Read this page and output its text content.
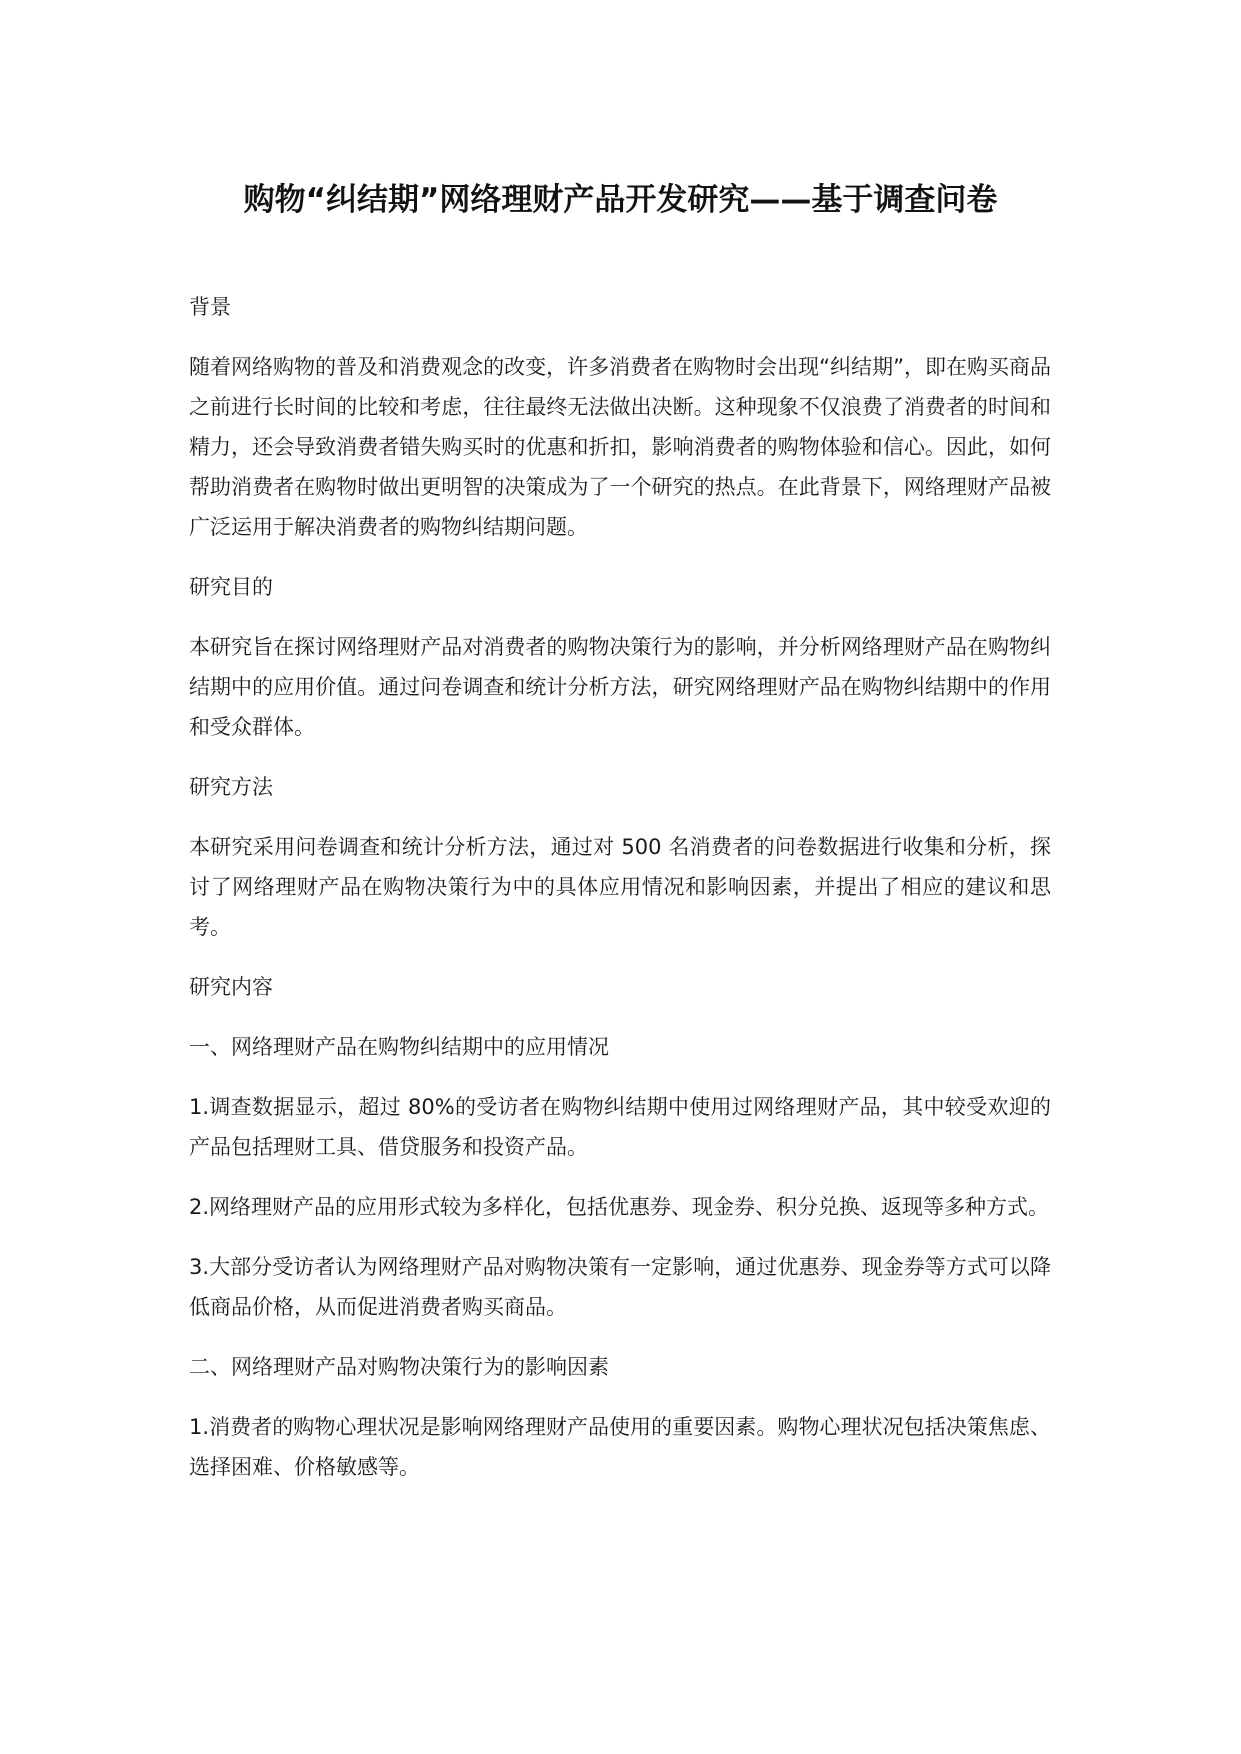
购物“纠结期”网络理财产品开发研究——基于调查问卷

背景

随着网络购物的普及和消费观念的改变，许多消费者在购物时会出现“纠结期”，即在购买商品之前进行长时间的比较和考虑，往往最终无法做出决断。这种现象不仅浪费了消费者的时间和精力，还会导致消费者错失购买时的优惠和折扣，影响消费者的购物体验和信心。因此，如何帮助消费者在购物时做出更明智的决策成为了一个研究的热点。在此背景下，网络理财产品被广泛运用于解决消费者的购物纠结期问题。

研究目的

本研究旨在探讨网络理财产品对消费者的购物决策行为的影响，并分析网络理财产品在购物纠结期中的应用价值。通过问卷调查和统计分析方法，研究网络理财产品在购物纠结期中的作用和受众群体。

研究方法

本研究采用问卷调查和统计分析方法，通过对 500 名消费者的问卷数据进行收集和分析，探讨了网络理财产品在购物决策行为中的具体应用情况和影响因素，并提出了相应的建议和思考。

研究内容

一、网络理财产品在购物纠结期中的应用情况

1.调查数据显示，超过 80%的受访者在购物纠结期中使用过网络理财产品，其中较受欢迎的产品包括理财工具、借贷服务和投资产品。

2.网络理财产品的应用形式较为多样化，包括优惠券、现金券、积分兑换、返现等多种方式。

3.大部分受访者认为网络理财产品对购物决策有一定影响，通过优惠券、现金券等方式可以降低商品价格，从而促进消费者购买商品。

二、网络理财产品对购物决策行为的影响因素

1.消费者的购物心理状况是影响网络理财产品使用的重要因素。购物心理状况包括决策焦虑、选择困难、价格敏感等。
